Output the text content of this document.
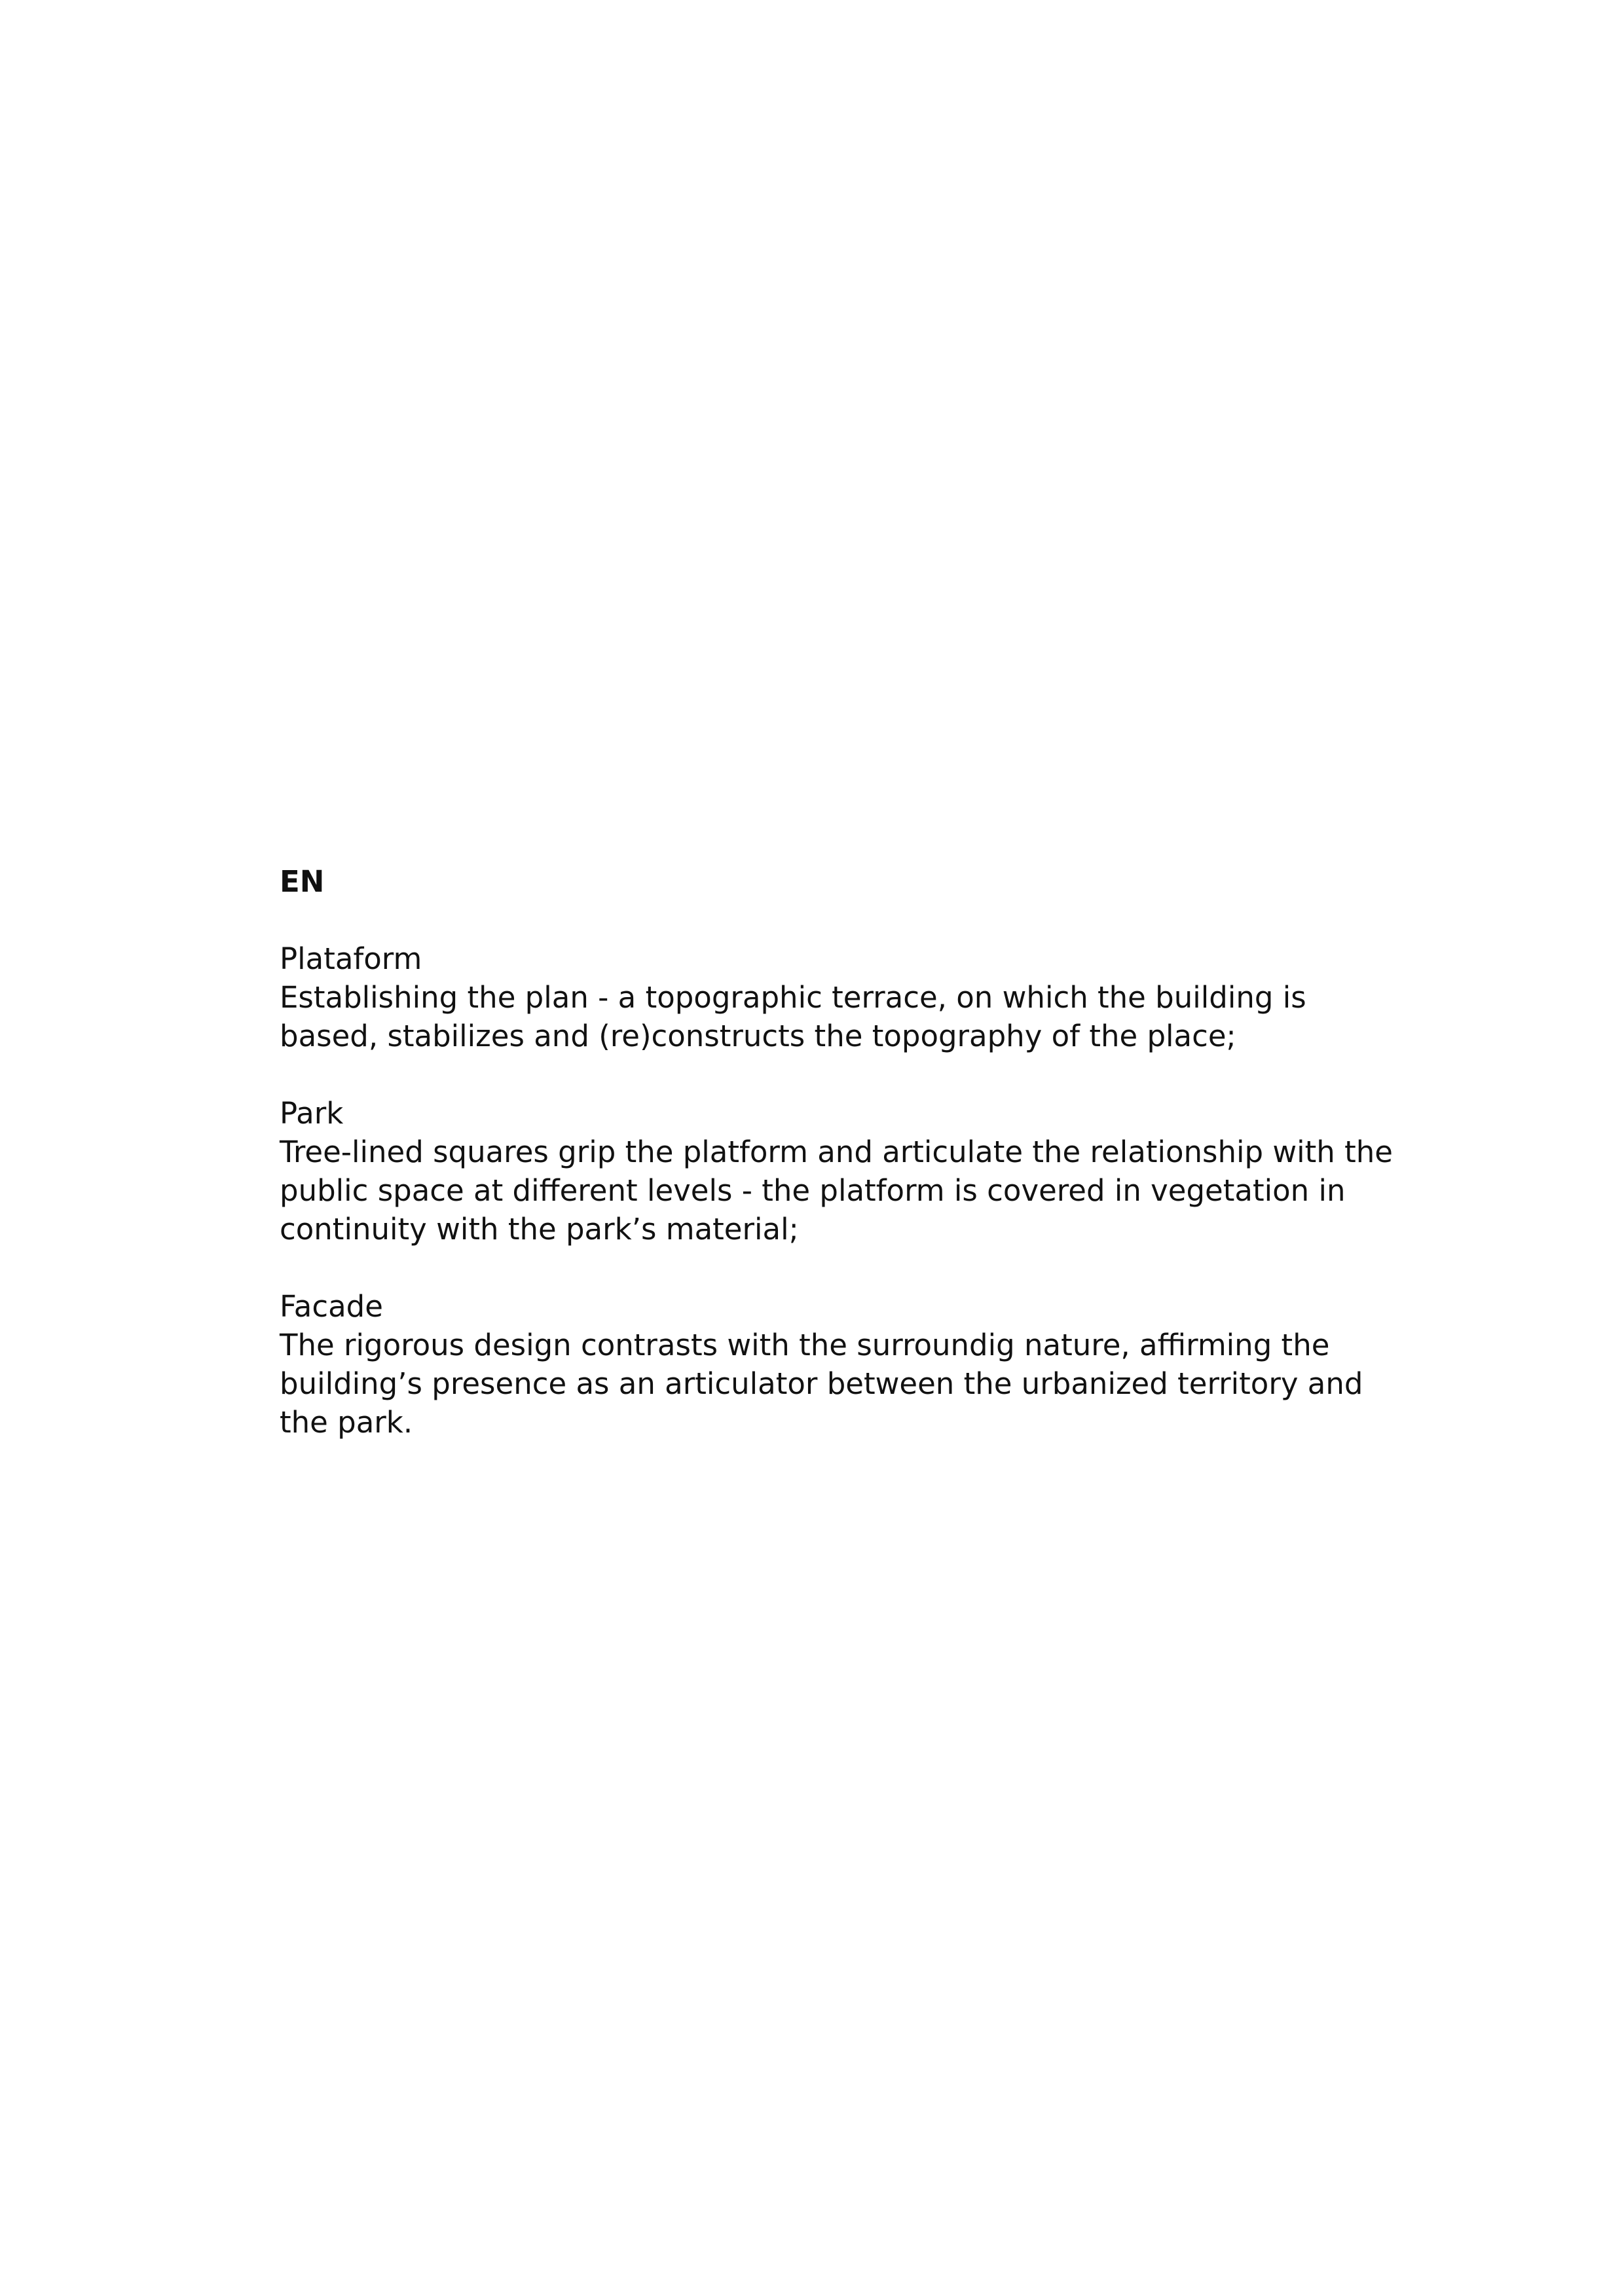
EN

Plataform

Establishing the plan - a topographic terrace, on which the building is
based, stabilizes and (re)constructs the topography of the place;

Park

Tree-lined squares grip the platform and articulate the relationship with the
public space at different levels - the platform is covered in vegetation in
continuity with the park’s material;

Facade

The rigorous design contrasts with the surroundig nature, affirming the
building’s presence as an articulator between the urbanized territory and
the park.
